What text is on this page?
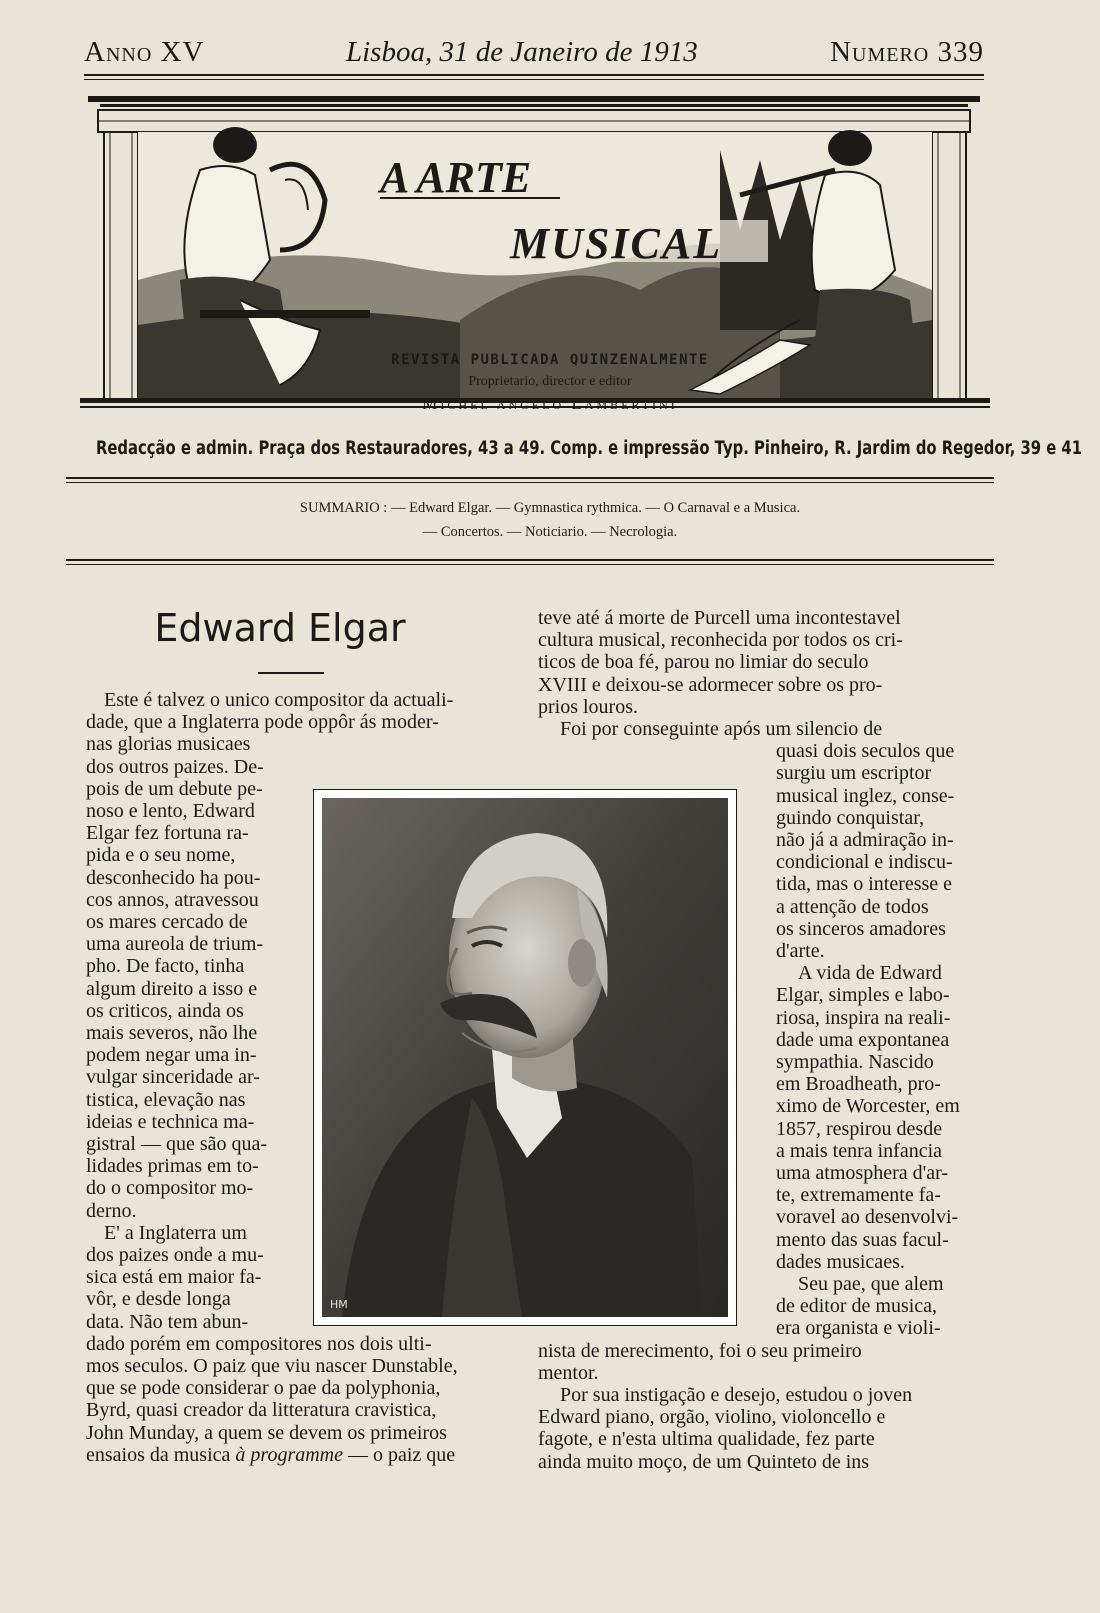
Anno XV	Lisboa, 31 de Janeiro de 1913	Numero 339
A ARTE
MUSICAL
REVISTA PUBLICADA QUINZENALMENTE
Proprietario, director e editor
Michel'angelo Lambertini
Redacção e admin. Praça dos Restauradores, 43 a 49. Comp. e impressão Typ. Pinheiro, R. Jardim do Regedor, 39 e 41
SUMMARIO : — Edward Elgar. — Gymnastica rythmica. — O Carnaval e a Musica.
— Concertos. — Noticiario. — Necrologia.
Edward Elgar
Este é talvez o unico compositor da actuali-
dade, que a Inglaterra pode oppôr ás moder-
nas glorias musicaes
dos outros paizes. De-
pois de um debute pe-
noso e lento, Edward
Elgar fez fortuna ra-
pida e o seu nome,
desconhecido ha pou-
cos annos, atravessou
os mares cercado de
uma aureola de trium-
pho. De facto, tinha
algum direito a isso e
os criticos, ainda os
mais severos, não lhe
podem negar uma in-
vulgar sinceridade ar-
tistica, elevação nas
ideias e technica ma-
gistral — que são qua-
lidades primas em to-
do o compositor mo-
derno.
E' a Inglaterra um
dos paizes onde a mu-
sica está em maior fa-
vôr, e desde longa
data. Não tem abun-
dado porém em compositores nos dois ulti-
mos seculos. O paiz que viu nascer Dunstable,
que se pode considerar o pae da polyphonia,
Byrd, quasi creador da litteratura cravistica,
John Munday, a quem se devem os primeiros
ensaios da musica à programme — o paiz que
teve até á morte de Purcell uma incontestavel
cultura musical, reconhecida por todos os cri-
ticos de boa fé, parou no limiar do seculo
XVIII e deixou-se adormecer sobre os pro-
prios louros.
Foi por conseguinte após um silencio de
quasi dois seculos que
surgiu um escriptor
musical inglez, conse-
guindo conquistar,
não já a admiração in-
condicional e indiscu-
tida, mas o interesse e
a attenção de todos
os sinceros amadores
d'arte.
A vida de Edward
Elgar, simples e labo-
riosa, inspira na reali-
dade uma expontanea
sympathia. Nascido
em Broadheath, pro-
ximo de Worcester, em
1857, respirou desde
a mais tenra infancia
uma atmosphera d'ar-
te, extremamente fa-
voravel ao desenvolvi-
mento das suas facul-
dades musicaes.
Seu pae, que alem
de editor de musica,
era organista e violi-
nista de merecimento, foi o seu primeiro
mentor.
Por sua instigação e desejo, estudou o joven
Edward piano, orgão, violino, violoncello e
fagote, e n'esta ultima qualidade, fez parte
ainda muito moço, de um Quinteto de ins
HM
